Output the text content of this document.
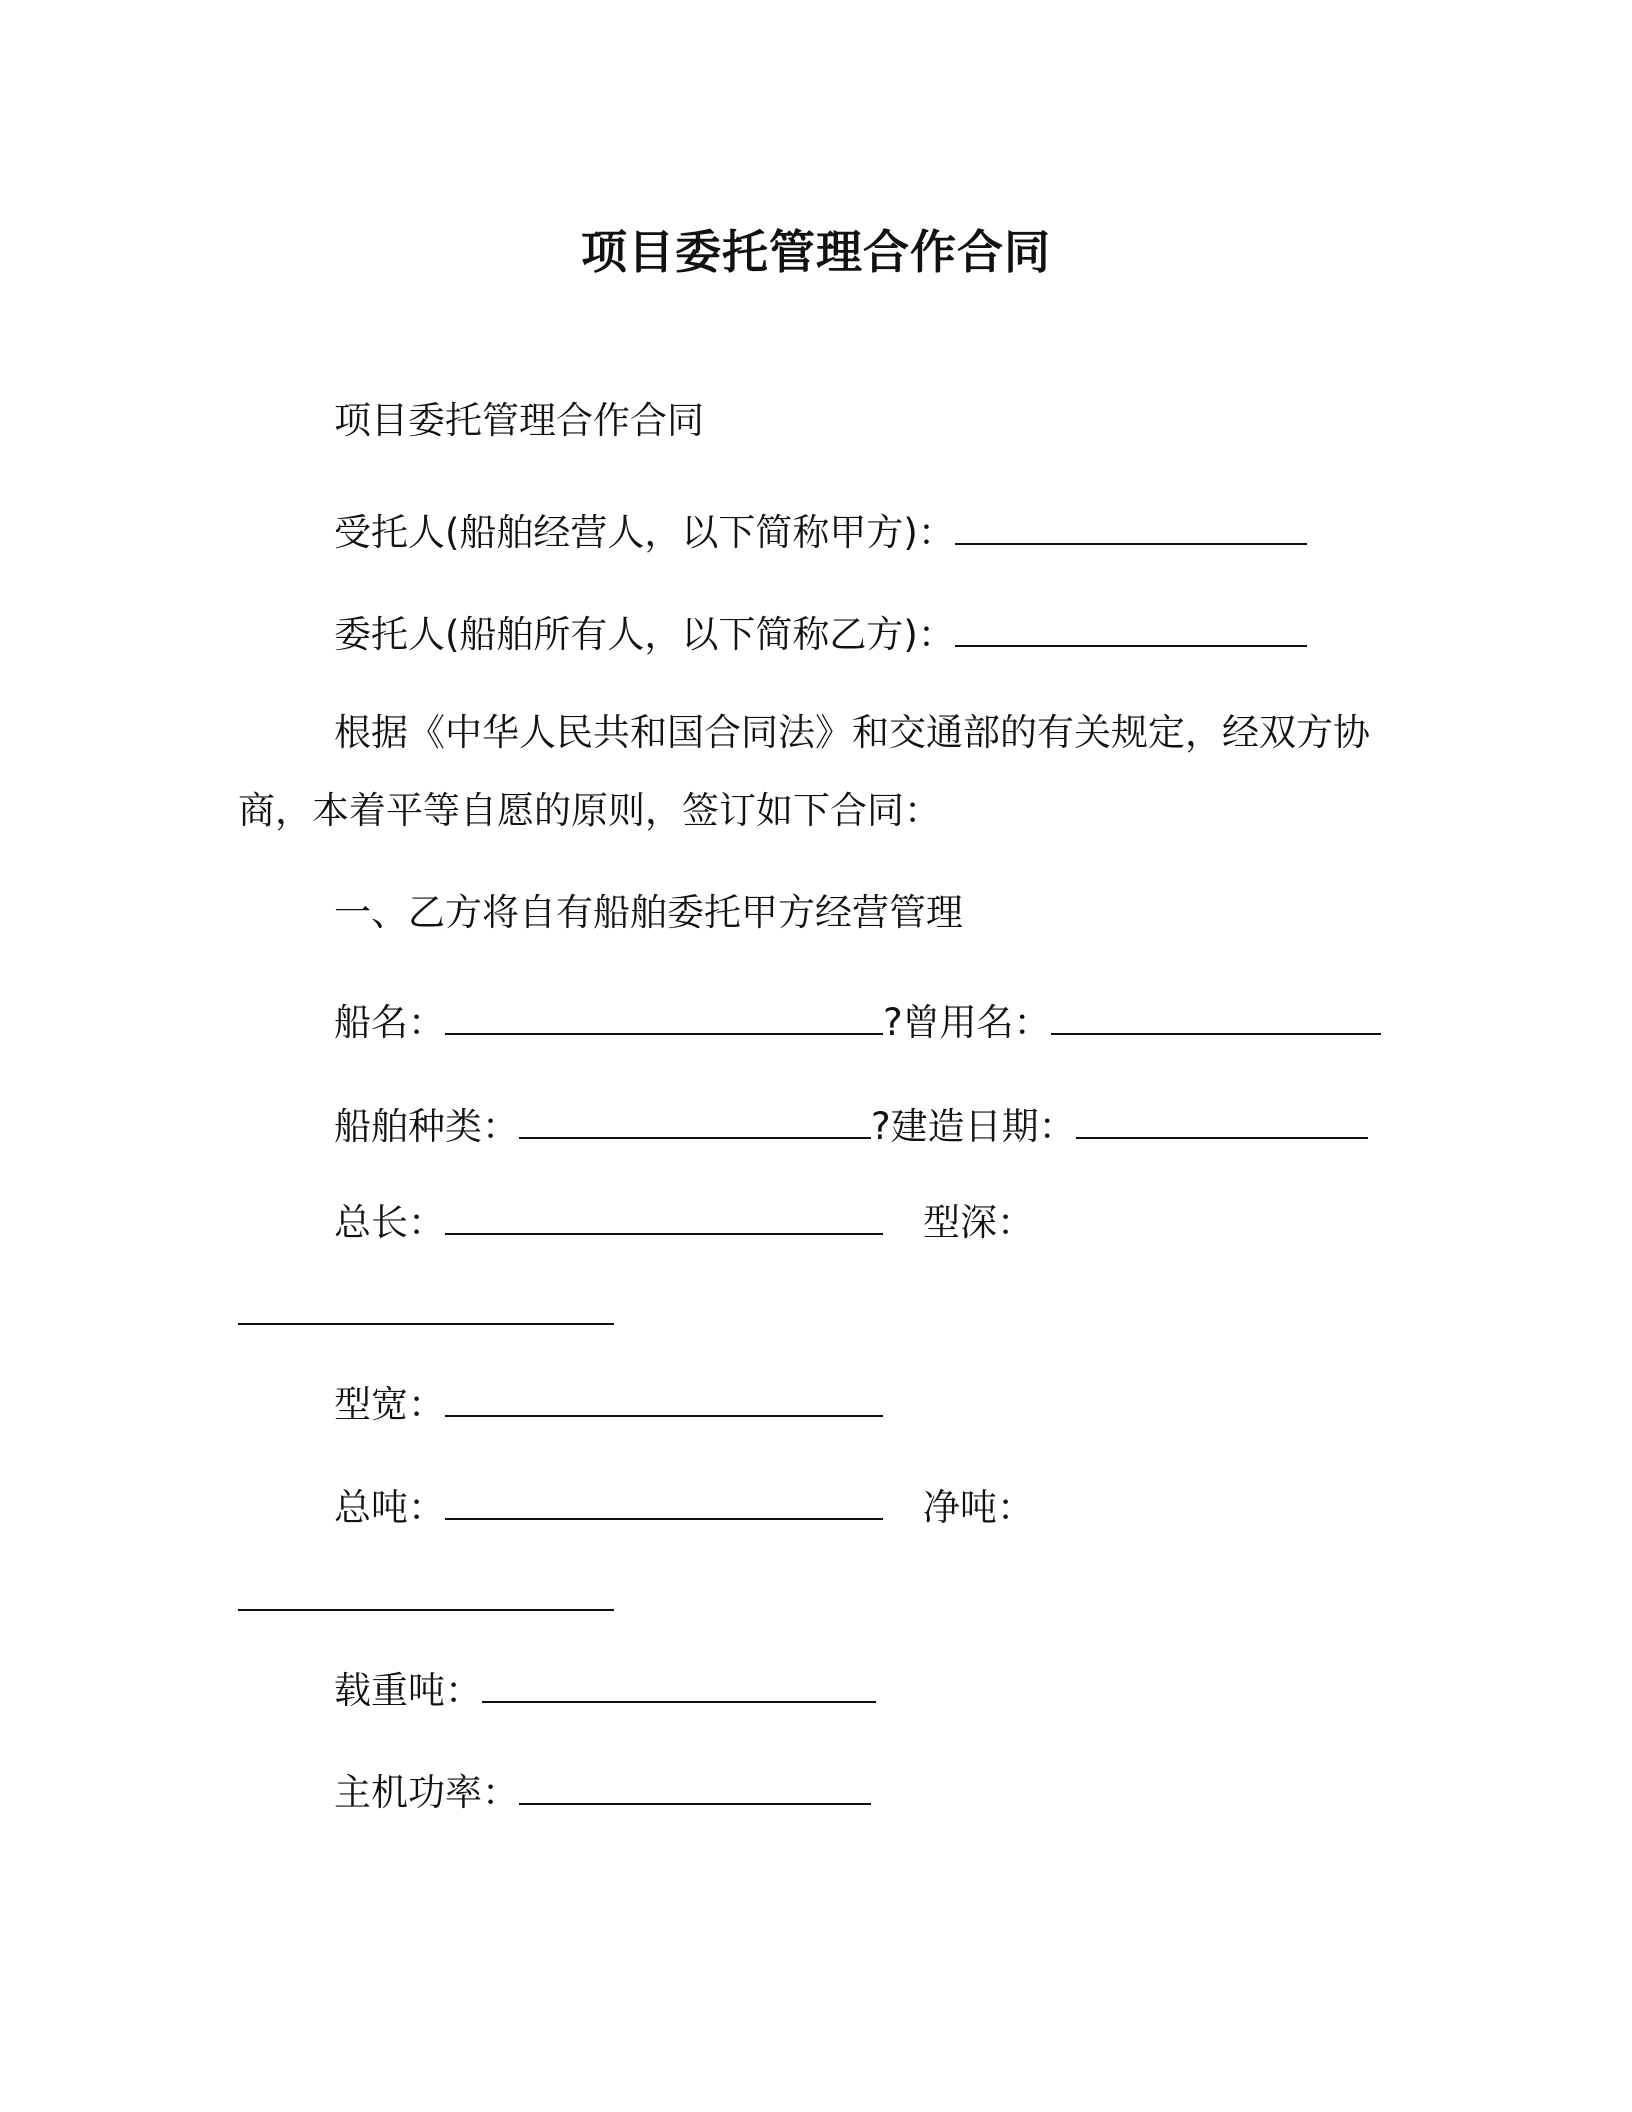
项目委托管理合作合同
项目委托管理合作合同
受托人(船舶经营人，以下简称甲方)：
委托人(船舶所有人，以下简称乙方)：
根据《中华人民共和国合同法》和交通部的有关规定，经双方协
商，本着平等自愿的原则，签订如下合同：
一、乙方将自有船舶委托甲方经营管理
船名：	?曾用名：
船舶种类：	?建造日期：
总长：	型深：
型宽：
总吨：	净吨：
载重吨：
主机功率：
